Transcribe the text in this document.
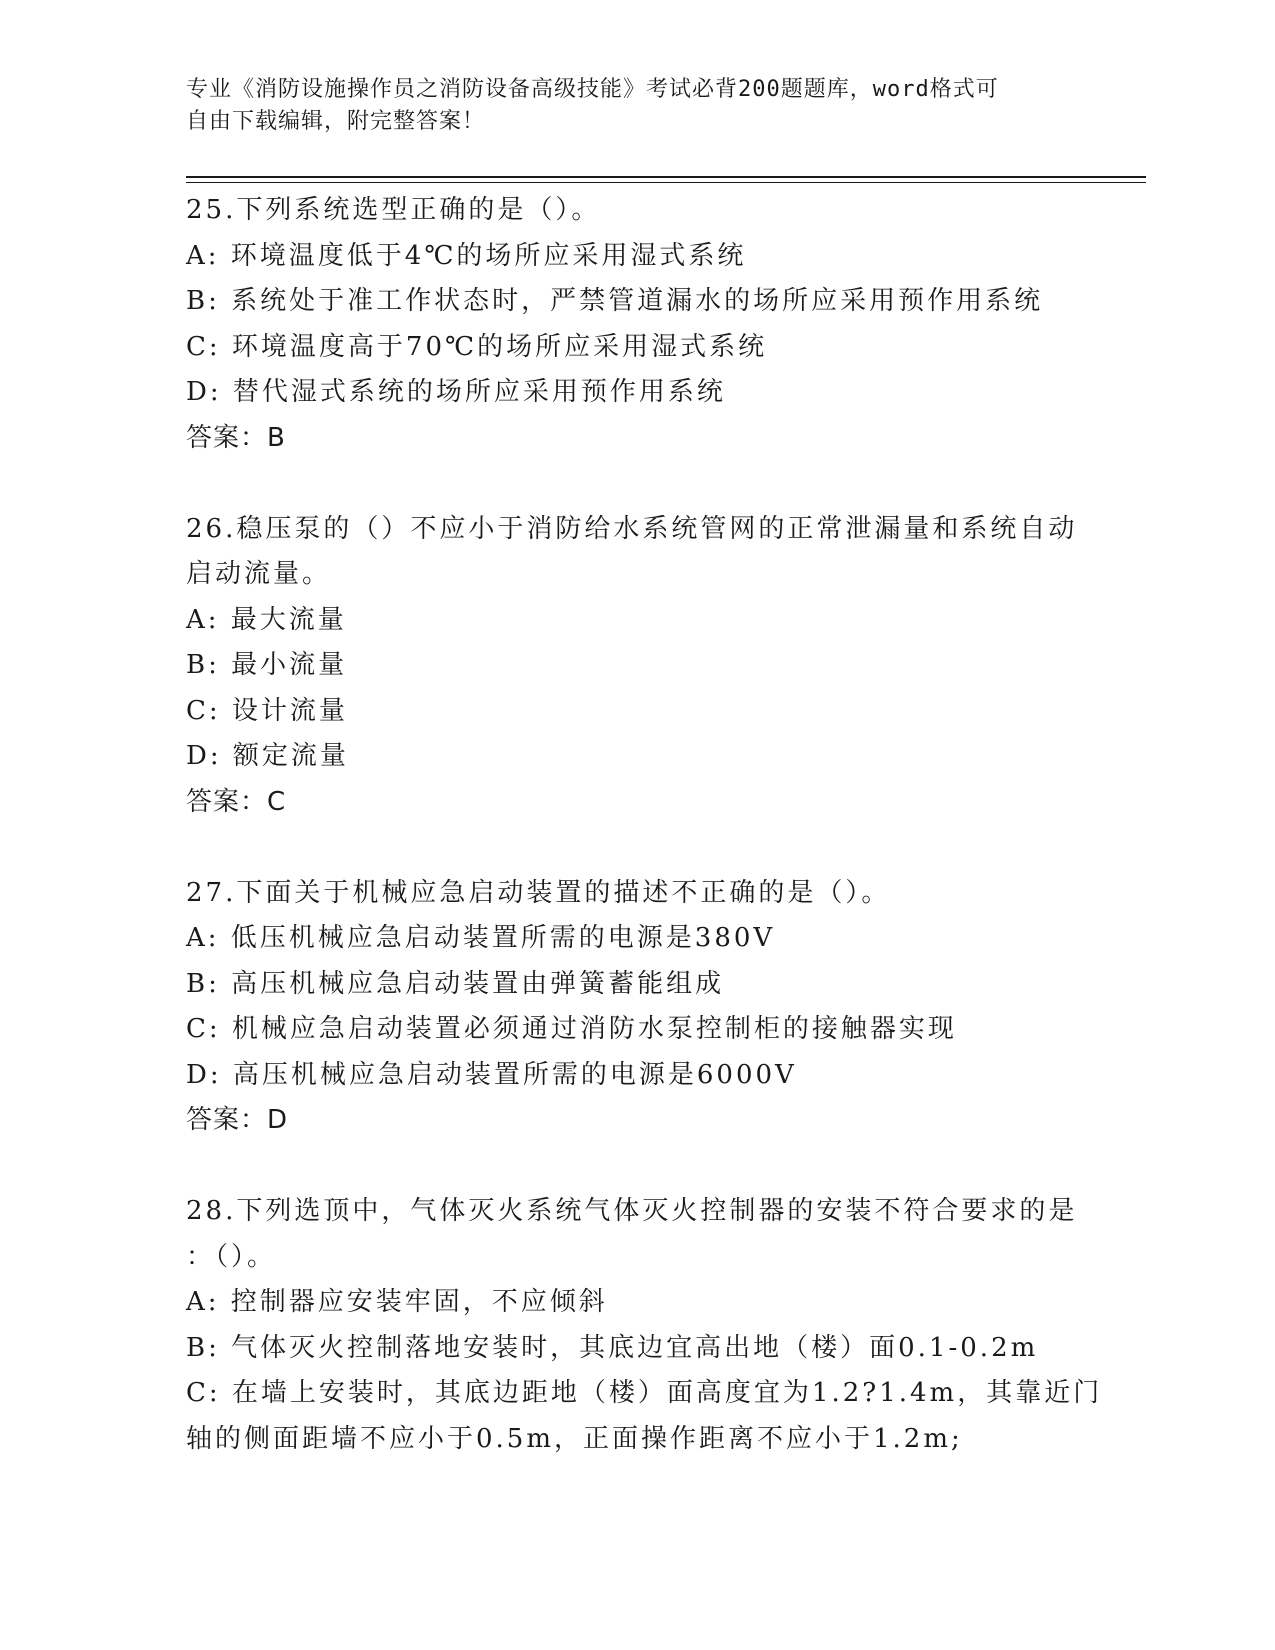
专业《消防设施操作员之消防设备高级技能》考试必背200题题库，word格式可
自由下载编辑，附完整答案！
25.下列系统选型正确的是（）。
A: 环境温度低于4℃的场所应采用湿式系统
B: 系统处于准工作状态时，严禁管道漏水的场所应采用预作用系统
C: 环境温度高于70℃的场所应采用湿式系统
D: 替代湿式系统的场所应采用预作用系统
答案：B
26.稳压泵的（）不应小于消防给水系统管网的正常泄漏量和系统自动
启动流量。
A: 最大流量
B: 最小流量
C: 设计流量
D: 额定流量
答案：C
27.下面关于机械应急启动装置的描述不正确的是（）。
A: 低压机械应急启动装置所需的电源是380V
B: 高压机械应急启动装置由弹簧蓄能组成
C: 机械应急启动装置必须通过消防水泵控制柜的接触器实现
D: 高压机械应急启动装置所需的电源是6000V
答案：D
28.下列选顶中，气体灭火系统气体灭火控制器的安装不符合要求的是
：（）。
A: 控制器应安装牢固，不应倾斜
B: 气体灭火控制落地安装时，其底边宜高出地（楼）面0.1-0.2m
C: 在墙上安装时，其底边距地（楼）面高度宜为1.2?1.4m，其靠近门
轴的侧面距墙不应小于0.5m，正面操作距离不应小于1.2m;
